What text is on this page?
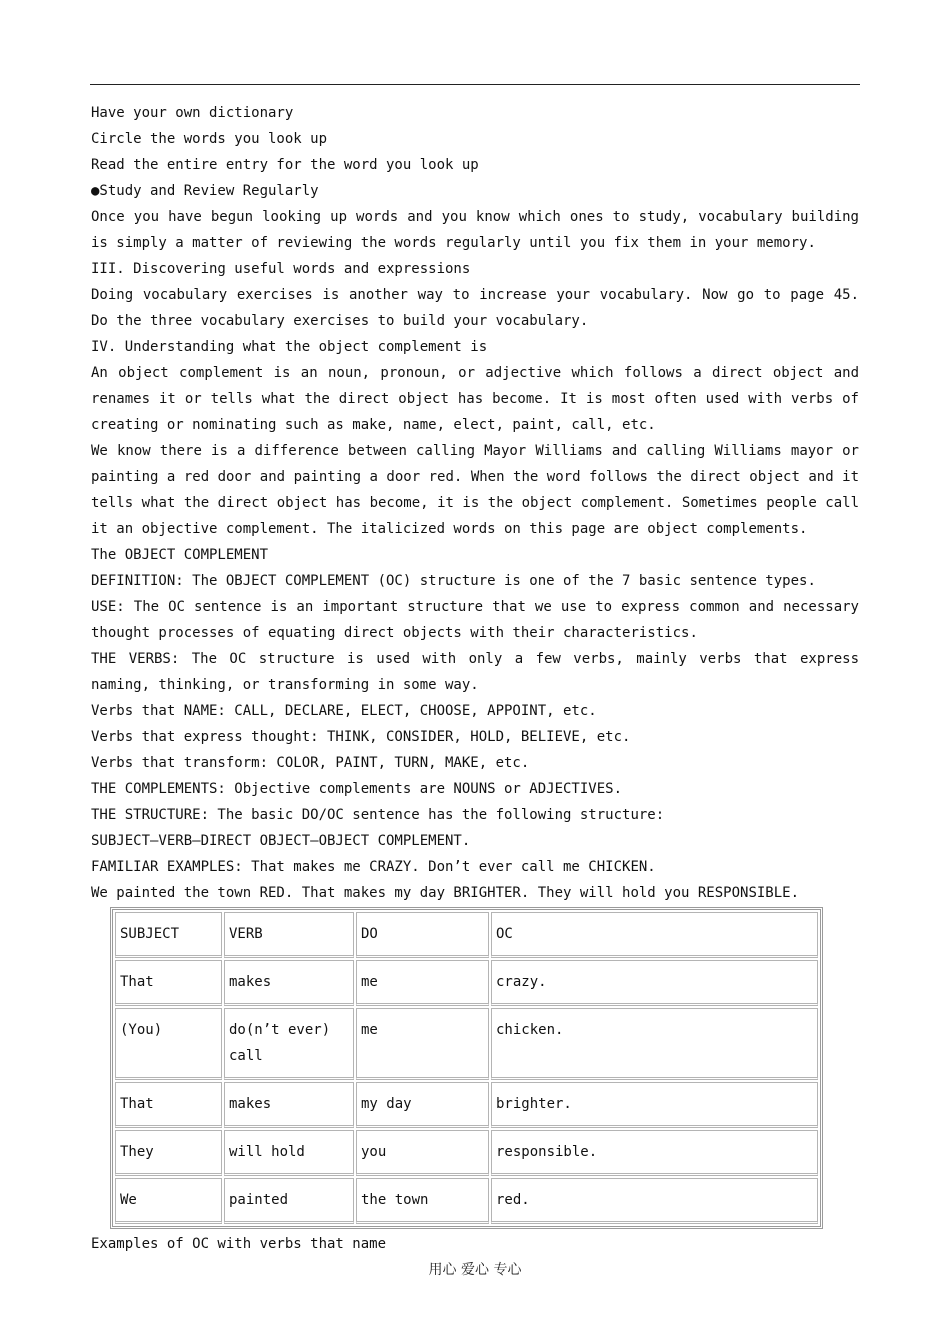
Have your own dictionary

Circle the words you look up

Read the entire entry for the word you look up

●Study and Review Regularly

Once you have begun looking up words and you know which ones to study, vocabulary building is simply a matter of reviewing the words regularly until you fix them in your memory.

III. Discovering useful words and expressions

Doing vocabulary exercises is another way to increase your vocabulary. Now go to page 45. Do the three vocabulary exercises to build your vocabulary.

IV. Understanding what the object complement is

An object complement is an noun, pronoun, or adjective which follows a direct object and renames it or tells what the direct object has become. It is most often used with verbs of creating or nominating such as make, name, elect, paint, call, etc.

We know there is a difference between calling Mayor Williams and calling Williams mayor or painting a red door and painting a door red. When the word follows the direct object and it tells what the direct object has become, it is the object complement. Sometimes people call it an objective complement. The italicized words on this page are object complements.

The OBJECT COMPLEMENT

DEFINITION: The OBJECT COMPLEMENT (OC) structure is one of the 7 basic sentence types.

USE: The OC sentence is an important structure that we use to express common and necessary thought processes of equating direct objects with their characteristics.

THE VERBS: The OC structure is used with only a few verbs, mainly verbs that express naming, thinking, or transforming in some way.

Verbs that NAME: CALL, DECLARE, ELECT, CHOOSE, APPOINT, etc.

Verbs that express thought: THINK, CONSIDER, HOLD, BELIEVE, etc.

Verbs that transform: COLOR, PAINT, TURN, MAKE, etc.

THE COMPLEMENTS: Objective complements are NOUNS or ADJECTIVES.

THE STRUCTURE: The basic DO/OC sentence has the following structure:

SUBJECT–VERB–DIRECT OBJECT–OBJECT COMPLEMENT.

FAMILIAR EXAMPLES: That makes me CRAZY. Don’t ever call me CHICKEN.

We painted the town RED. That makes my day BRIGHTER. They will hold you RESPONSIBLE.

SUBJECT	VERB	DO	OC
That	makes	me	crazy.
(You)	do(n’t ever) call	me	chicken.
That	makes	my day	brighter.
They	will hold	you	responsible.
We	painted	the town	red.

Examples of OC with verbs that name

用心 爱心 专心
